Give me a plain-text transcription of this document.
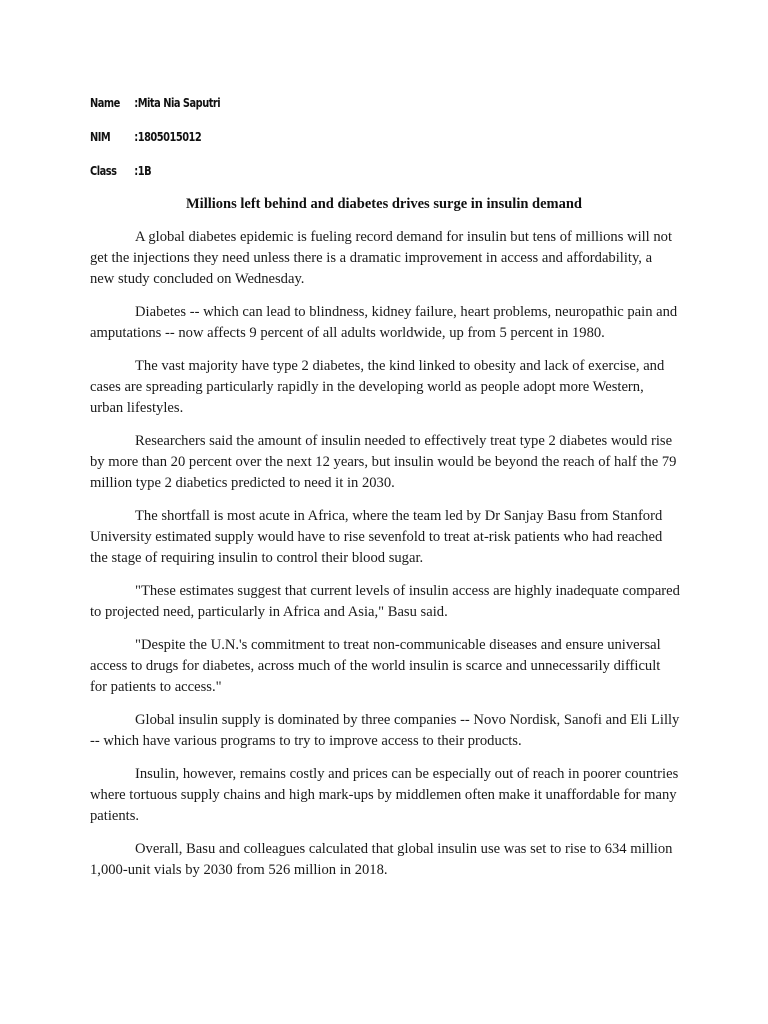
Name :Mita Nia Saputri
NIM :1805015012
Class :1B
Millions left behind and diabetes drives surge in insulin demand

A global diabetes epidemic is fueling record demand for insulin but tens of millions will not get the injections they need unless there is a dramatic improvement in access and affordability, a new study concluded on Wednesday.

Diabetes -- which can lead to blindness, kidney failure, heart problems, neuropathic pain and amputations -- now affects 9 percent of all adults worldwide, up from 5 percent in 1980.

The vast majority have type 2 diabetes, the kind linked to obesity and lack of exercise, and cases are spreading particularly rapidly in the developing world as people adopt more Western, urban lifestyles.

Researchers said the amount of insulin needed to effectively treat type 2 diabetes would rise by more than 20 percent over the next 12 years, but insulin would be beyond the reach of half the 79 million type 2 diabetics predicted to need it in 2030.

The shortfall is most acute in Africa, where the team led by Dr Sanjay Basu from Stanford University estimated supply would have to rise sevenfold to treat at-risk patients who had reached the stage of requiring insulin to control their blood sugar.

"These estimates suggest that current levels of insulin access are highly inadequate compared to projected need, particularly in Africa and Asia," Basu said.

"Despite the U.N.'s commitment to treat non-communicable diseases and ensure universal access to drugs for diabetes, across much of the world insulin is scarce and unnecessarily difficult for patients to access."

Global insulin supply is dominated by three companies -- Novo Nordisk, Sanofi and Eli Lilly -- which have various programs to try to improve access to their products.

Insulin, however, remains costly and prices can be especially out of reach in poorer countries where tortuous supply chains and high mark-ups by middlemen often make it unaffordable for many patients.

Overall, Basu and colleagues calculated that global insulin use was set to rise to 634 million 1,000-unit vials by 2030 from 526 million in 2018.
